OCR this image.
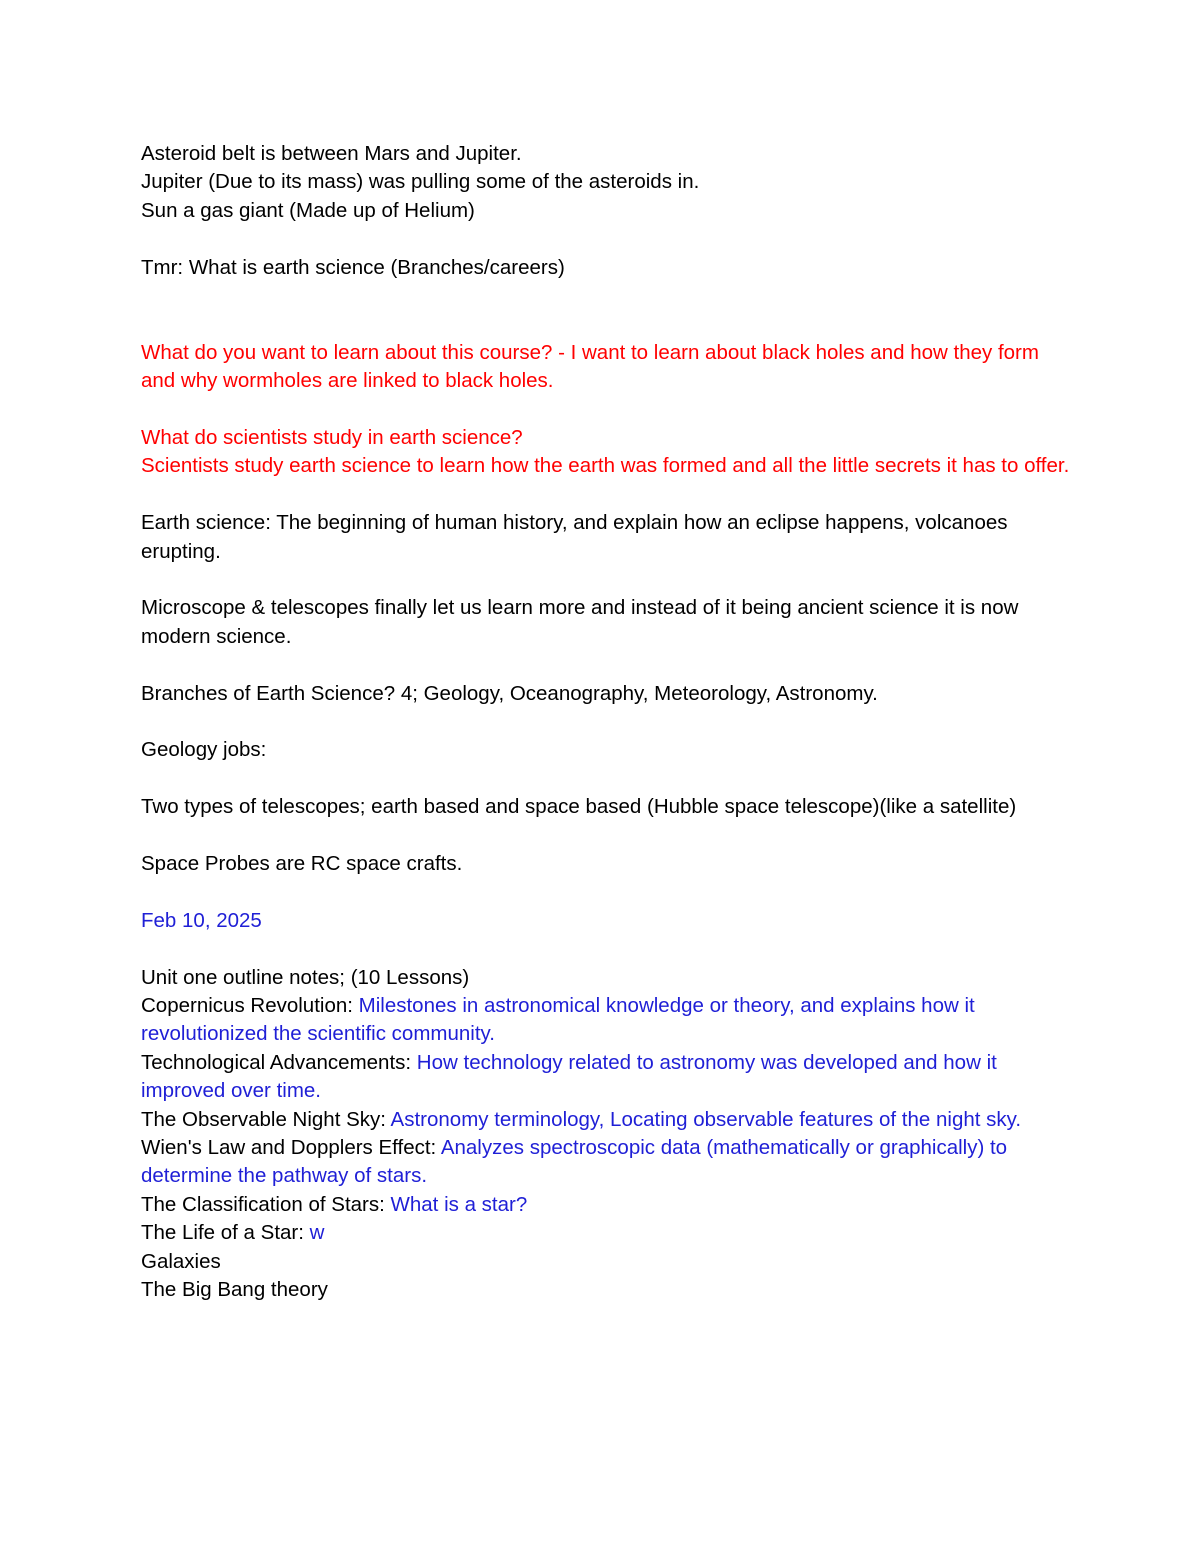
Asteroid belt is between Mars and Jupiter.
Jupiter (Due to its mass) was pulling some of the asteroids in.
Sun a gas giant (Made up of Helium)
Tmr: What is earth science (Branches/careers)

What do you want to learn about this course? - I want to learn about black holes and how they form and why wormholes are linked to black holes.

What do scientists study in earth science?

Scientists study earth science to learn how the earth was formed and all the little secrets it has to offer.

Earth science: The beginning of human history, and explain how an eclipse happens, volcanoes erupting.

Microscope & telescopes finally let us learn more and instead of it being ancient science it is now modern science.

Branches of Earth Science? 4; Geology, Oceanography, Meteorology, Astronomy.

Geology jobs:

Two types of telescopes; earth based and space based (Hubble space telescope)(like a satellite)

Space Probes are RC space crafts.

Feb 10, 2025

Unit one outline notes; (10 Lessons)

Copernicus Revolution: Milestones in astronomical knowledge or theory, and explains how it revolutionized the scientific community.

Technological Advancements: How technology related to astronomy was developed and how it improved over time.

The Observable Night Sky: Astronomy terminology, Locating observable features of the night sky.

Wien's Law and Dopplers Effect: Analyzes spectroscopic data (mathematically or graphically) to determine the pathway of stars.

The Classification of Stars: What is a star?

The Life of a Star: w

Galaxies

The Big Bang theory
